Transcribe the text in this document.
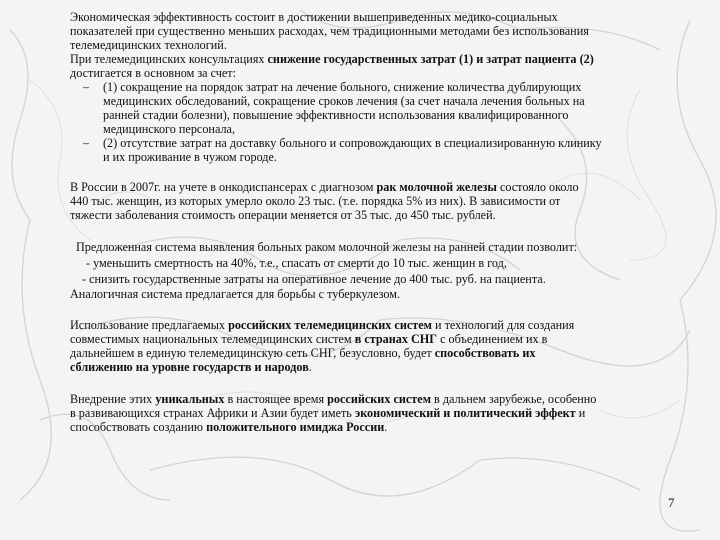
Экономическая эффективность состоит в достижении вышеприведенных медико-социальных
показателей при существенно меньших расходах, чем традиционными методами без использования
телемедицинских технологий.
При телемедицинских консультациях снижение государственных затрат (1) и затрат пациента (2)
достигается в основном за счет:
– (1) сокращение на порядок затрат на лечение больного, снижение количества дублирующих
медицинских обследований, сокращение сроков лечения (за счет начала лечения больных на
ранней стадии болезни), повышение эффективности использования квалифицированного
медицинского персонала,
– (2) отсутствие затрат на доставку больного и сопровождающих в специализированную клинику
и их проживание в чужом городе.
В России в 2007г. на учете в онкодиспансерах с диагнозом рак молочной железы состояло около
440 тыс. женщин, из которых умерло около 23 тыс. (т.е. порядка 5% из них). В зависимости от
тяжести заболевания стоимость операции меняется от 35 тыс. до 450 тыс. рублей.
Предложенная система выявления больных раком молочной железы на ранней стадии позволит:
- уменьшить смертность на 40%, т.е., спасать от смерти до 10 тыс. женщин в год,
- снизить государственные затраты на оперативное лечение до 400 тыс. руб. на пациента.
Аналогичная система предлагается для борьбы с туберкулезом.
Использование предлагаемых российских телемедицинских систем и технологий для создания
совместимых национальных телемедицинских систем в странах СНГ с объединением их в
дальнейшем в единую телемедицинскую сеть СНГ, безусловно, будет способствовать их
сближению на уровне государств и народов.
Внедрение этих уникальных в настоящее время российских систем в дальнем зарубежье, особенно
в развивающихся странах Африки и Азии будет иметь экономический и политический эффект и
способствовать созданию положительного имиджа России.
7
